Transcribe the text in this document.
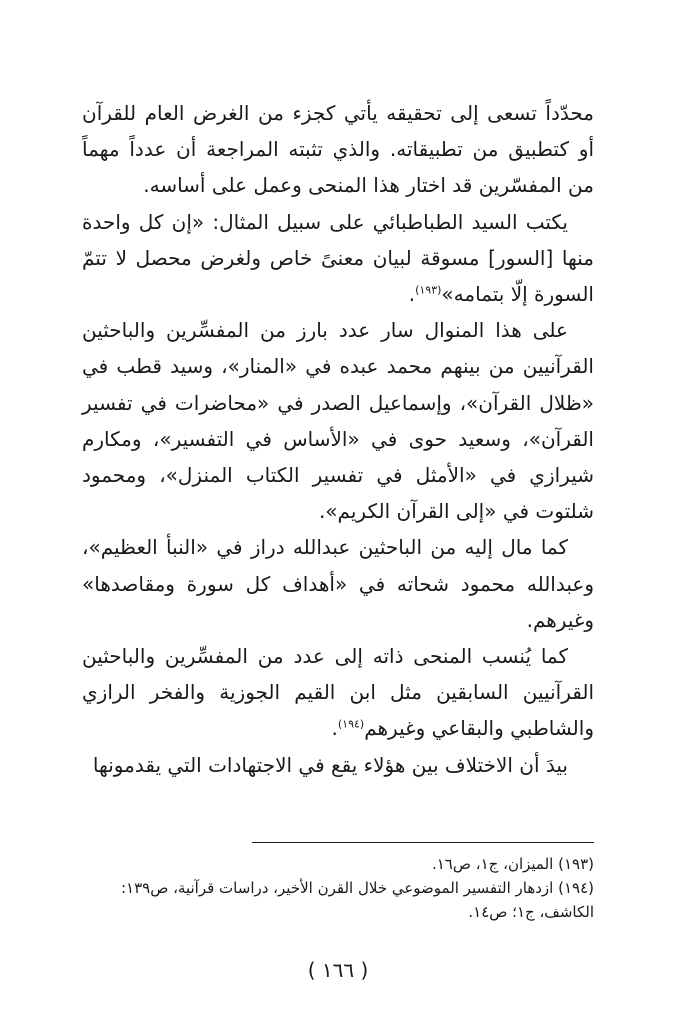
محدّداً تسعى إلى تحقيقه يأتي كجزء من الغرض العام للقرآن أو كتطبيق من تطبيقاته. والذي تثبته المراجعة أن عدداً مهماً من المفسّرين قد اختار هذا المنحى وعمل على أساسه.

يكتب السيد الطباطبائي على سبيل المثال: «إن كل واحدة منها [السور] مسوقة لبيان معنىً خاص ولغرض محصل لا تتمّ السورة إلّا بتمامه»$^{(١٩٣)}$.

على هذا المنوال سار عدد بارز من المفسِّرين والباحثين القرآنيين من بينهم محمد عبده في «المنار»، وسيد قطب في «ظلال القرآن»، وإسماعيل الصدر في «محاضرات في تفسير القرآن»، وسعيد حوى في «الأساس في التفسير»، ومكارم شيرازي في «الأمثل في تفسير الكتاب المنزل»، ومحمود شلتوت في «إلى القرآن الكريم».

كما مال إليه من الباحثين عبدالله دراز في «النبأ العظيم»، وعبدالله محمود شحاته في «أهداف كل سورة ومقاصدها» وغيرهم.

كما يُنسب المنحى ذاته إلى عدد من المفسِّرين والباحثين القرآنيين السابقين مثل ابن القيم الجوزية والفخر الرازي والشاطبي والبقاعي وغيرهم$^{(١٩٤)}$.

بيدَ أن الاختلاف بين هؤلاء يقع في الاجتهادات التي يقدمونها

(١٩٣) الميزان، ج١، ص١٦.

(١٩٤) ازدهار التفسير الموضوعي خلال القرن الأخير، دراسات قرآنية، ص١٣٩: الكاشف، ج١؛ ص١٤.

( ١٦٦ )
